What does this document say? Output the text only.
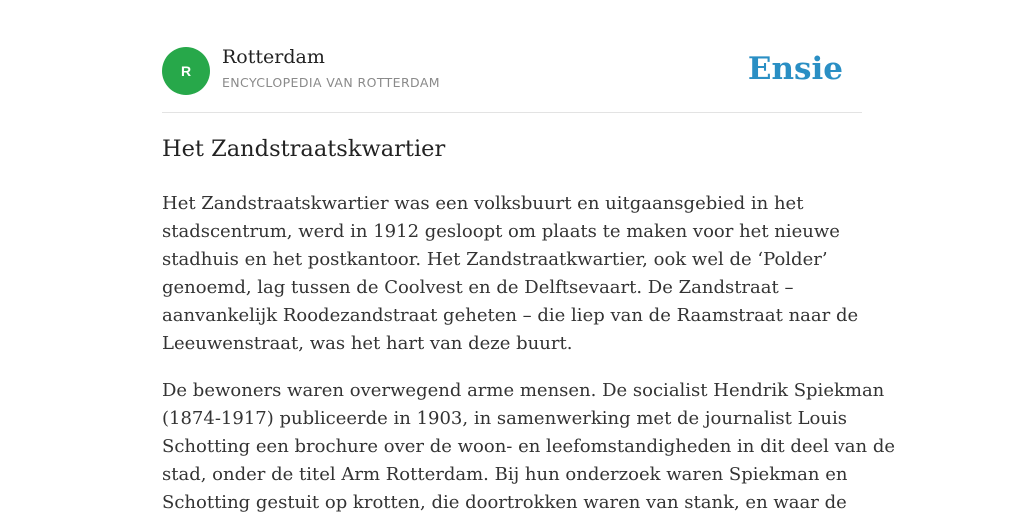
R
Rotterdam
ENCYCLOPEDIA VAN ROTTERDAM	Ensie
Het Zandstraatskwartier

Het Zandstraatskwartier was een volksbuurt en uitgaansgebied in het
stadscentrum, werd in 1912 gesloopt om plaats te maken voor het nieuwe
stadhuis en het postkantoor. Het Zandstraatkwartier, ook wel de ‘Polder’
genoemd, lag tussen de Coolvest en de Delftsevaart. De Zandstraat –
aanvankelijk Roodezandstraat geheten – die liep van de Raamstraat naar de
Leeuwenstraat, was het hart van deze buurt.

De bewoners waren overwegend arme mensen. De socialist Hendrik Spiekman
(1874-1917) publiceerde in 1903, in samenwerking met de journalist Louis
Schotting een brochure over de woon- en leefomstandigheden in dit deel van de
stad, onder de titel Arm Rotterdam. Bij hun onderzoek waren Spiekman en
Schotting gestuit op krotten, die doortrokken waren van stank, en waar de
